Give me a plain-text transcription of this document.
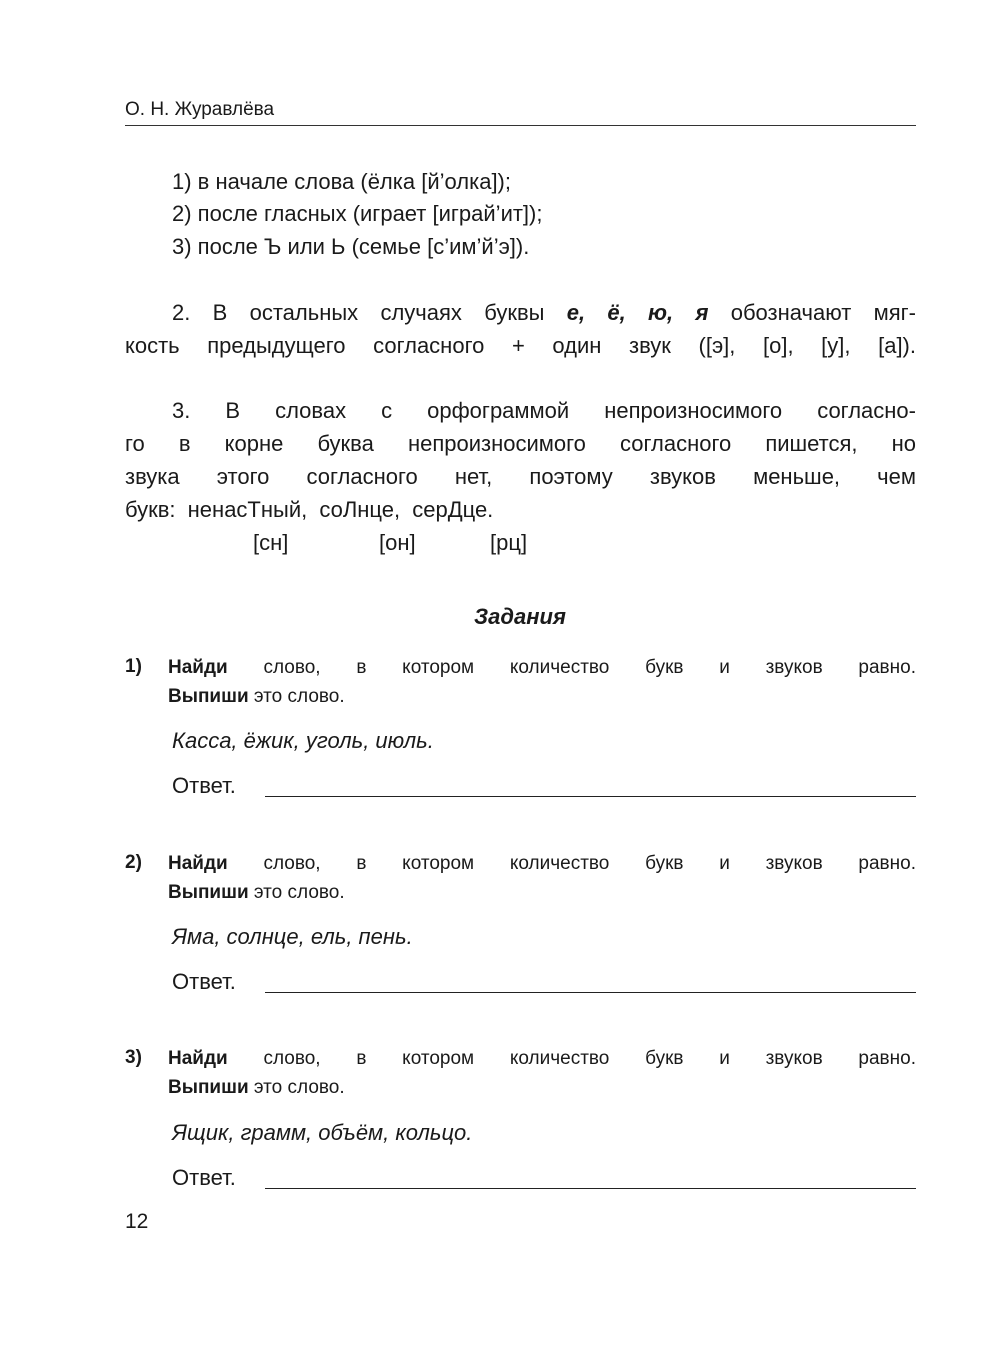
О. Н. Журавлёва
1) в начале слова (ёлка [й’олка]);
2) после гласных (играет [играй’ит]);
3) после Ъ или Ь (семье [с’им’й’э]).
2. В остальных случаях буквы е, ё, ю, я обозначают мяг-
кость предыдущего согласного + один звук ([э], [о], [у], [а]).
3. В словах с орфограммой непроизносимого согласно-
го в корне буква непроизносимого согласного пишется, но
звука этого согласного нет, поэтому звуков меньше, чем
букв: ненасТный, соЛнце, серДце.
[сн]	[он]	[рц]
Задания
1) Найди слово, в котором количество букв и звуков равно.
Выпиши это слово.
Касса, ёжик, уголь, июль.
Ответ.
2) Найди слово, в котором количество букв и звуков равно.
Выпиши это слово.
Яма, солнце, ель, пень.
Ответ.
3) Найди слово, в котором количество букв и звуков равно.
Выпиши это слово.
Ящик, грамм, объём, кольцо.
Ответ.
12
